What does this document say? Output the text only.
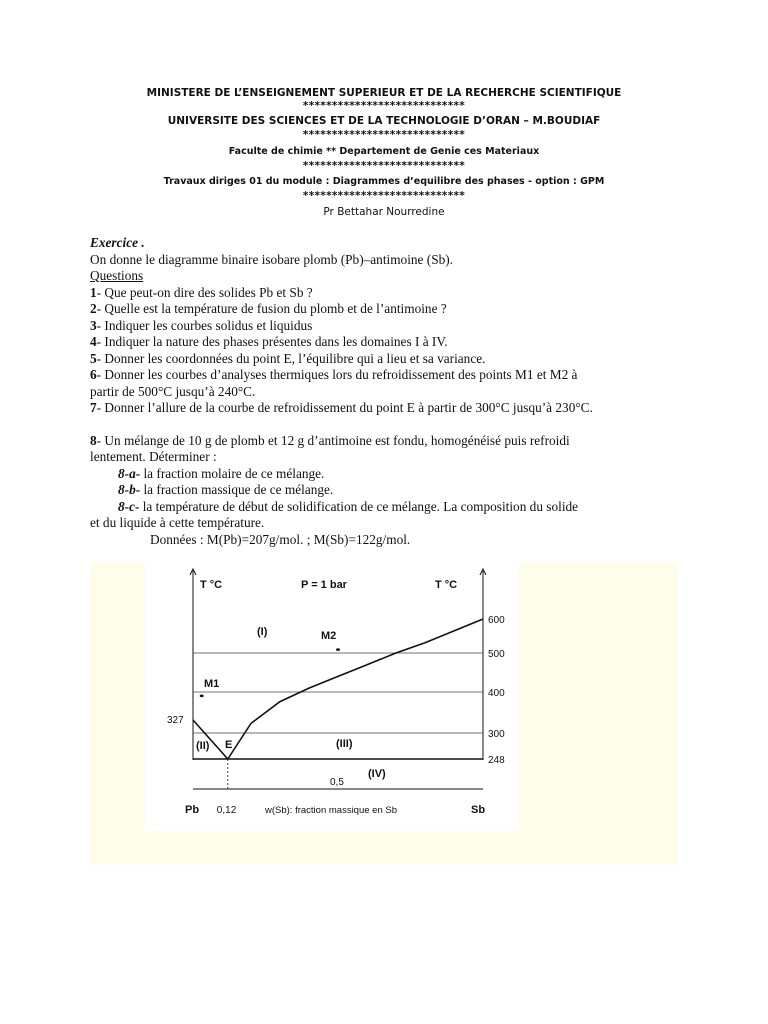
MINISTERE DE L’ENSEIGNEMENT SUPERIEUR ET DE LA RECHERCHE SCIENTIFIQUE
****************************
UNIVERSITE DES SCIENCES ET DE LA TECHNOLOGIE D’ORAN – M.BOUDIAF
****************************
Faculte de chimie ** Departement de Genie ces Materiaux
****************************
Travaux diriges 01 du module : Diagrammes d’equilibre des phases - option : GPM
****************************
Pr Bettahar Nourredine
Exercice .
On donne le diagramme binaire isobare plomb (Pb)–antimoine (Sb).
Questions
1- Que peut-on dire des solides Pb et Sb ?
2- Quelle est la température de fusion du plomb et de l’antimoine ?
3- Indiquer les courbes solidus et liquidus
4- Indiquer la nature des phases présentes dans les domaines I à IV.
5- Donner les coordonnées du point E, l’équilibre qui a lieu et sa variance.
6- Donner les courbes d’analyses thermiques lors du refroidissement des points M1 et M2 à
partir de 500°C jusqu’à 240°C.
7- Donner l’allure de la courbe de refroidissement du point E à partir de 300°C jusqu’à 230°C.
8- Un mélange de 10 g de plomb et 12 g d’antimoine est fondu, homogénéisé puis refroidi
lentement. Déterminer :
8-a- la fraction molaire de ce mélange.
8-b- la fraction massique de ce mélange.
8-c- la température de début de solidification de ce mélange. La composition du solide
et du liquide à cette température.
Données : M(Pb)=207g/mol. ; M(Sb)=122g/mol.
M1
M2
E
600
500
400
300
248
327
0,12
0,5
T °C	T °C
P = 1 bar
Pb	Sb
w(Sb): fraction massique en Sb
(I)
(II)	(III)
(IV)
